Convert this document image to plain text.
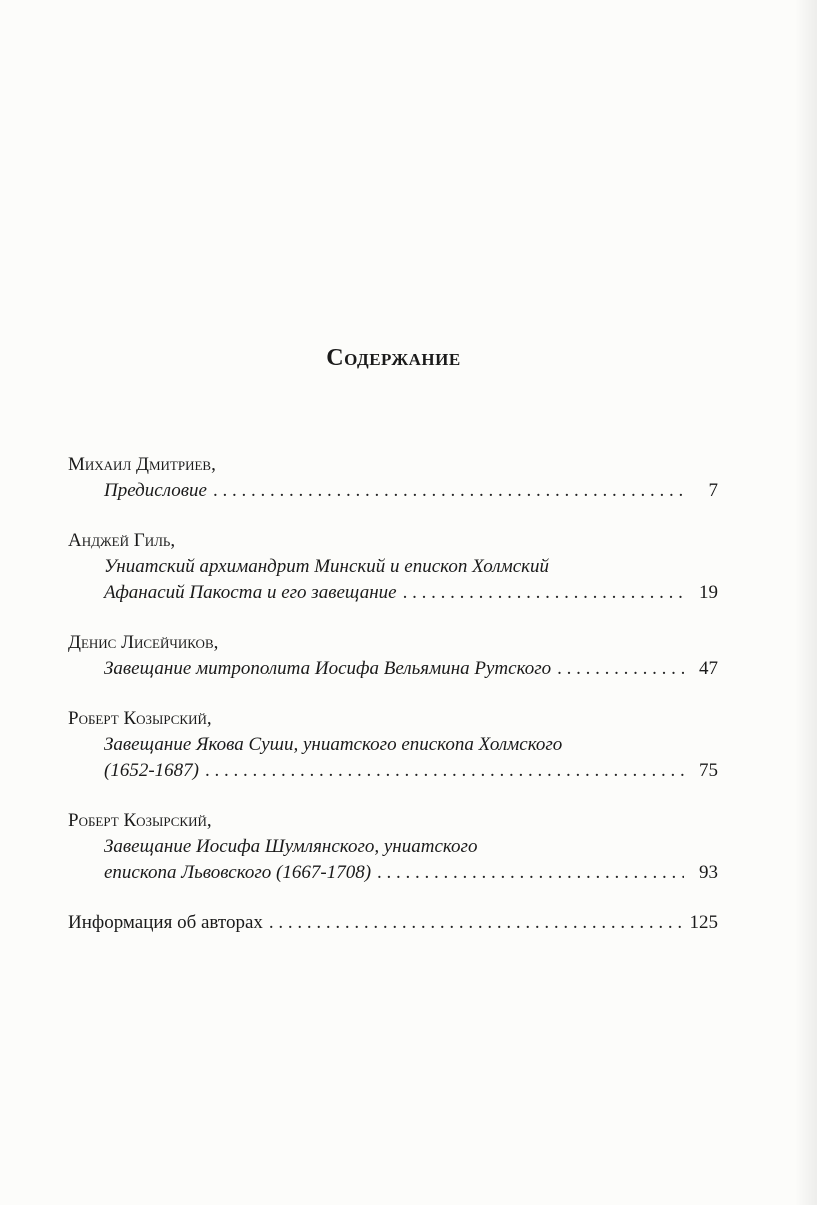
Содержание
Михаил Дмитриев,
Предисловие . . .	7
Анджей Гиль,
Униатский архимандрит Минский и епископ Холмский
Афанасий Пакоста и его завещание . . .	19
Денис Лисейчиков,
Завещание митрополита Иосифа Вельямина Рутского . . .	47
Роберт Козырский,
Завещание Якова Суши, униатского епископа Холмского
(1652-1687) . . .	75
Роберт Козырский,
Завещание Иосифа Шумлянского, униатского
епископа Львовского (1667-1708) . . .	93
Информация об авторах . . .	125
